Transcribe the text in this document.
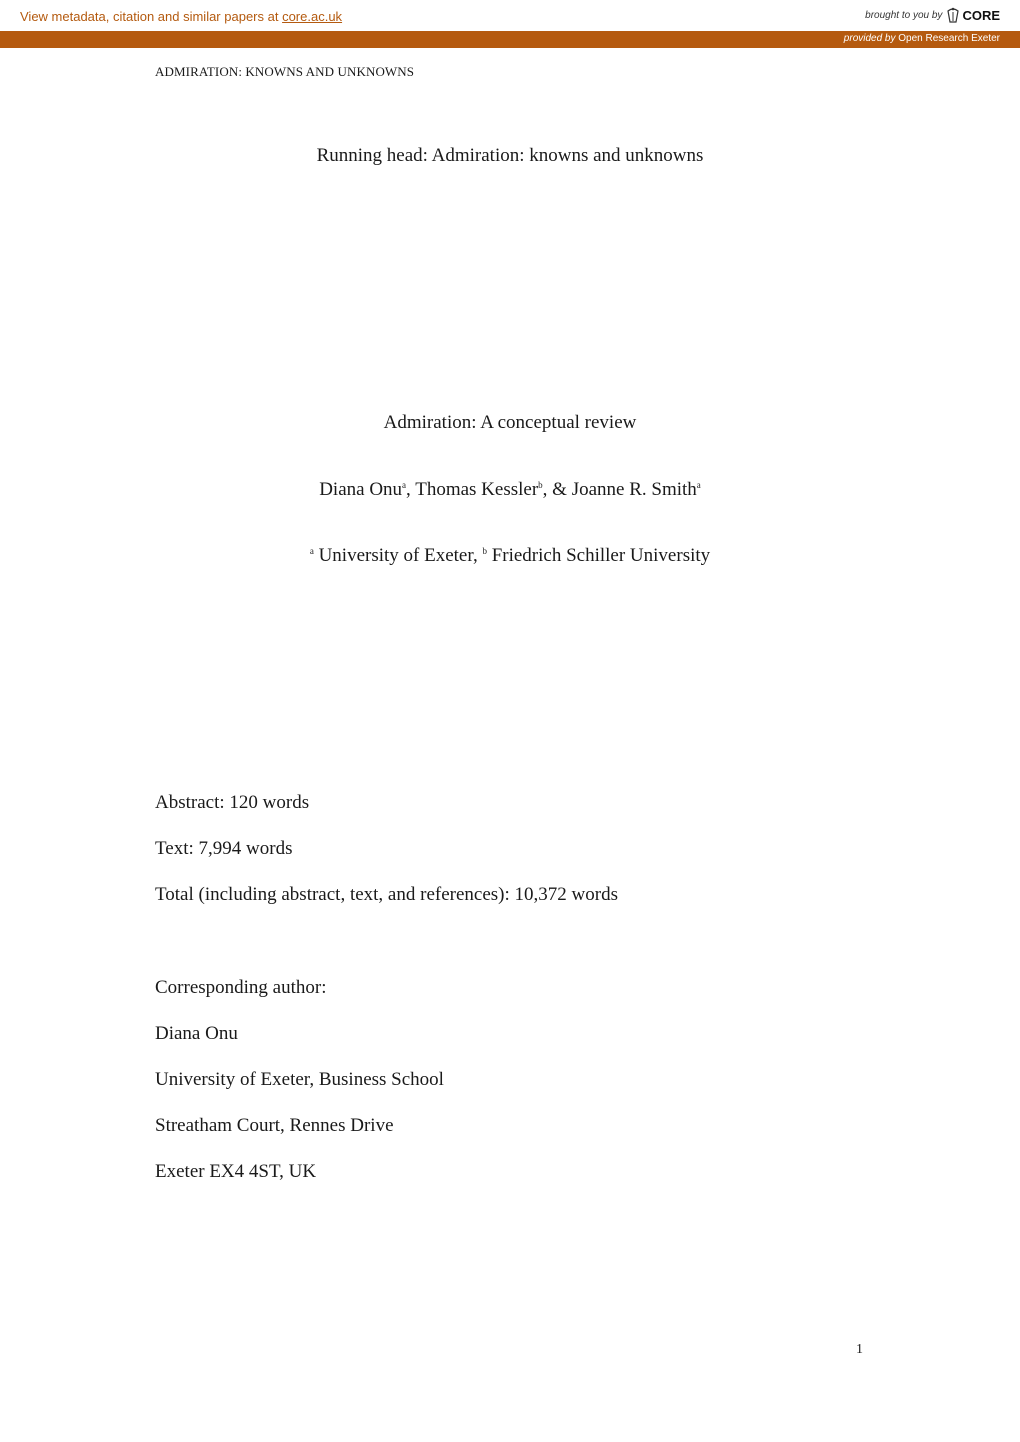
View metadata, citation and similar papers at core.ac.uk	brought to you by CORE
provided by Open Research Exeter
ADMIRATION: KNOWNS AND UNKNOWNS
Running head: Admiration: knowns and unknowns
Admiration: A conceptual review
Diana Onu$^a$, Thomas Kessler$^b$, & Joanne R. Smith$^a$
$^a$ University of Exeter, $^b$ Friedrich Schiller University
Abstract: 120 words
Text: 7,994 words
Total (including abstract, text, and references): 10,372 words
Corresponding author:
Diana Onu
University of Exeter, Business School
Streatham Court, Rennes Drive
Exeter EX4 4ST, UK
1
